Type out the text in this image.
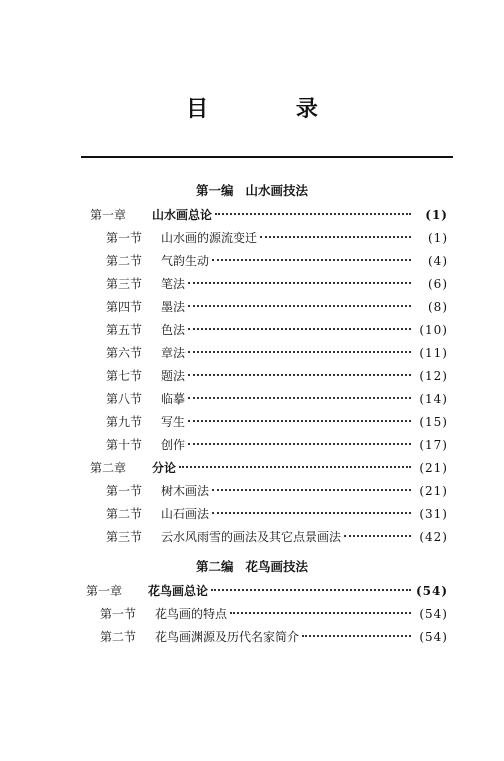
目 录
第一编 山水画技法
第一章	山水画总论	(1)
第一节	山水画的源流变迁	(1)
第二节	气韵生动	(4)
第三节	笔法	(6)
第四节	墨法	(8)
第五节	色法	(10)
第六节	章法	(11)
第七节	题法	(12)
第八节	临摹	(14)
第九节	写生	(15)
第十节	创作	(17)
第二章	分论	(21)
第一节	树木画法	(21)
第二节	山石画法	(31)
第三节	云水风雨雪的画法及其它点景画法	(42)
第二编 花鸟画技法
第一章	花鸟画总论	(54)
第一节	花鸟画的特点	(54)
第二节	花鸟画渊源及历代名家简介	(54)
